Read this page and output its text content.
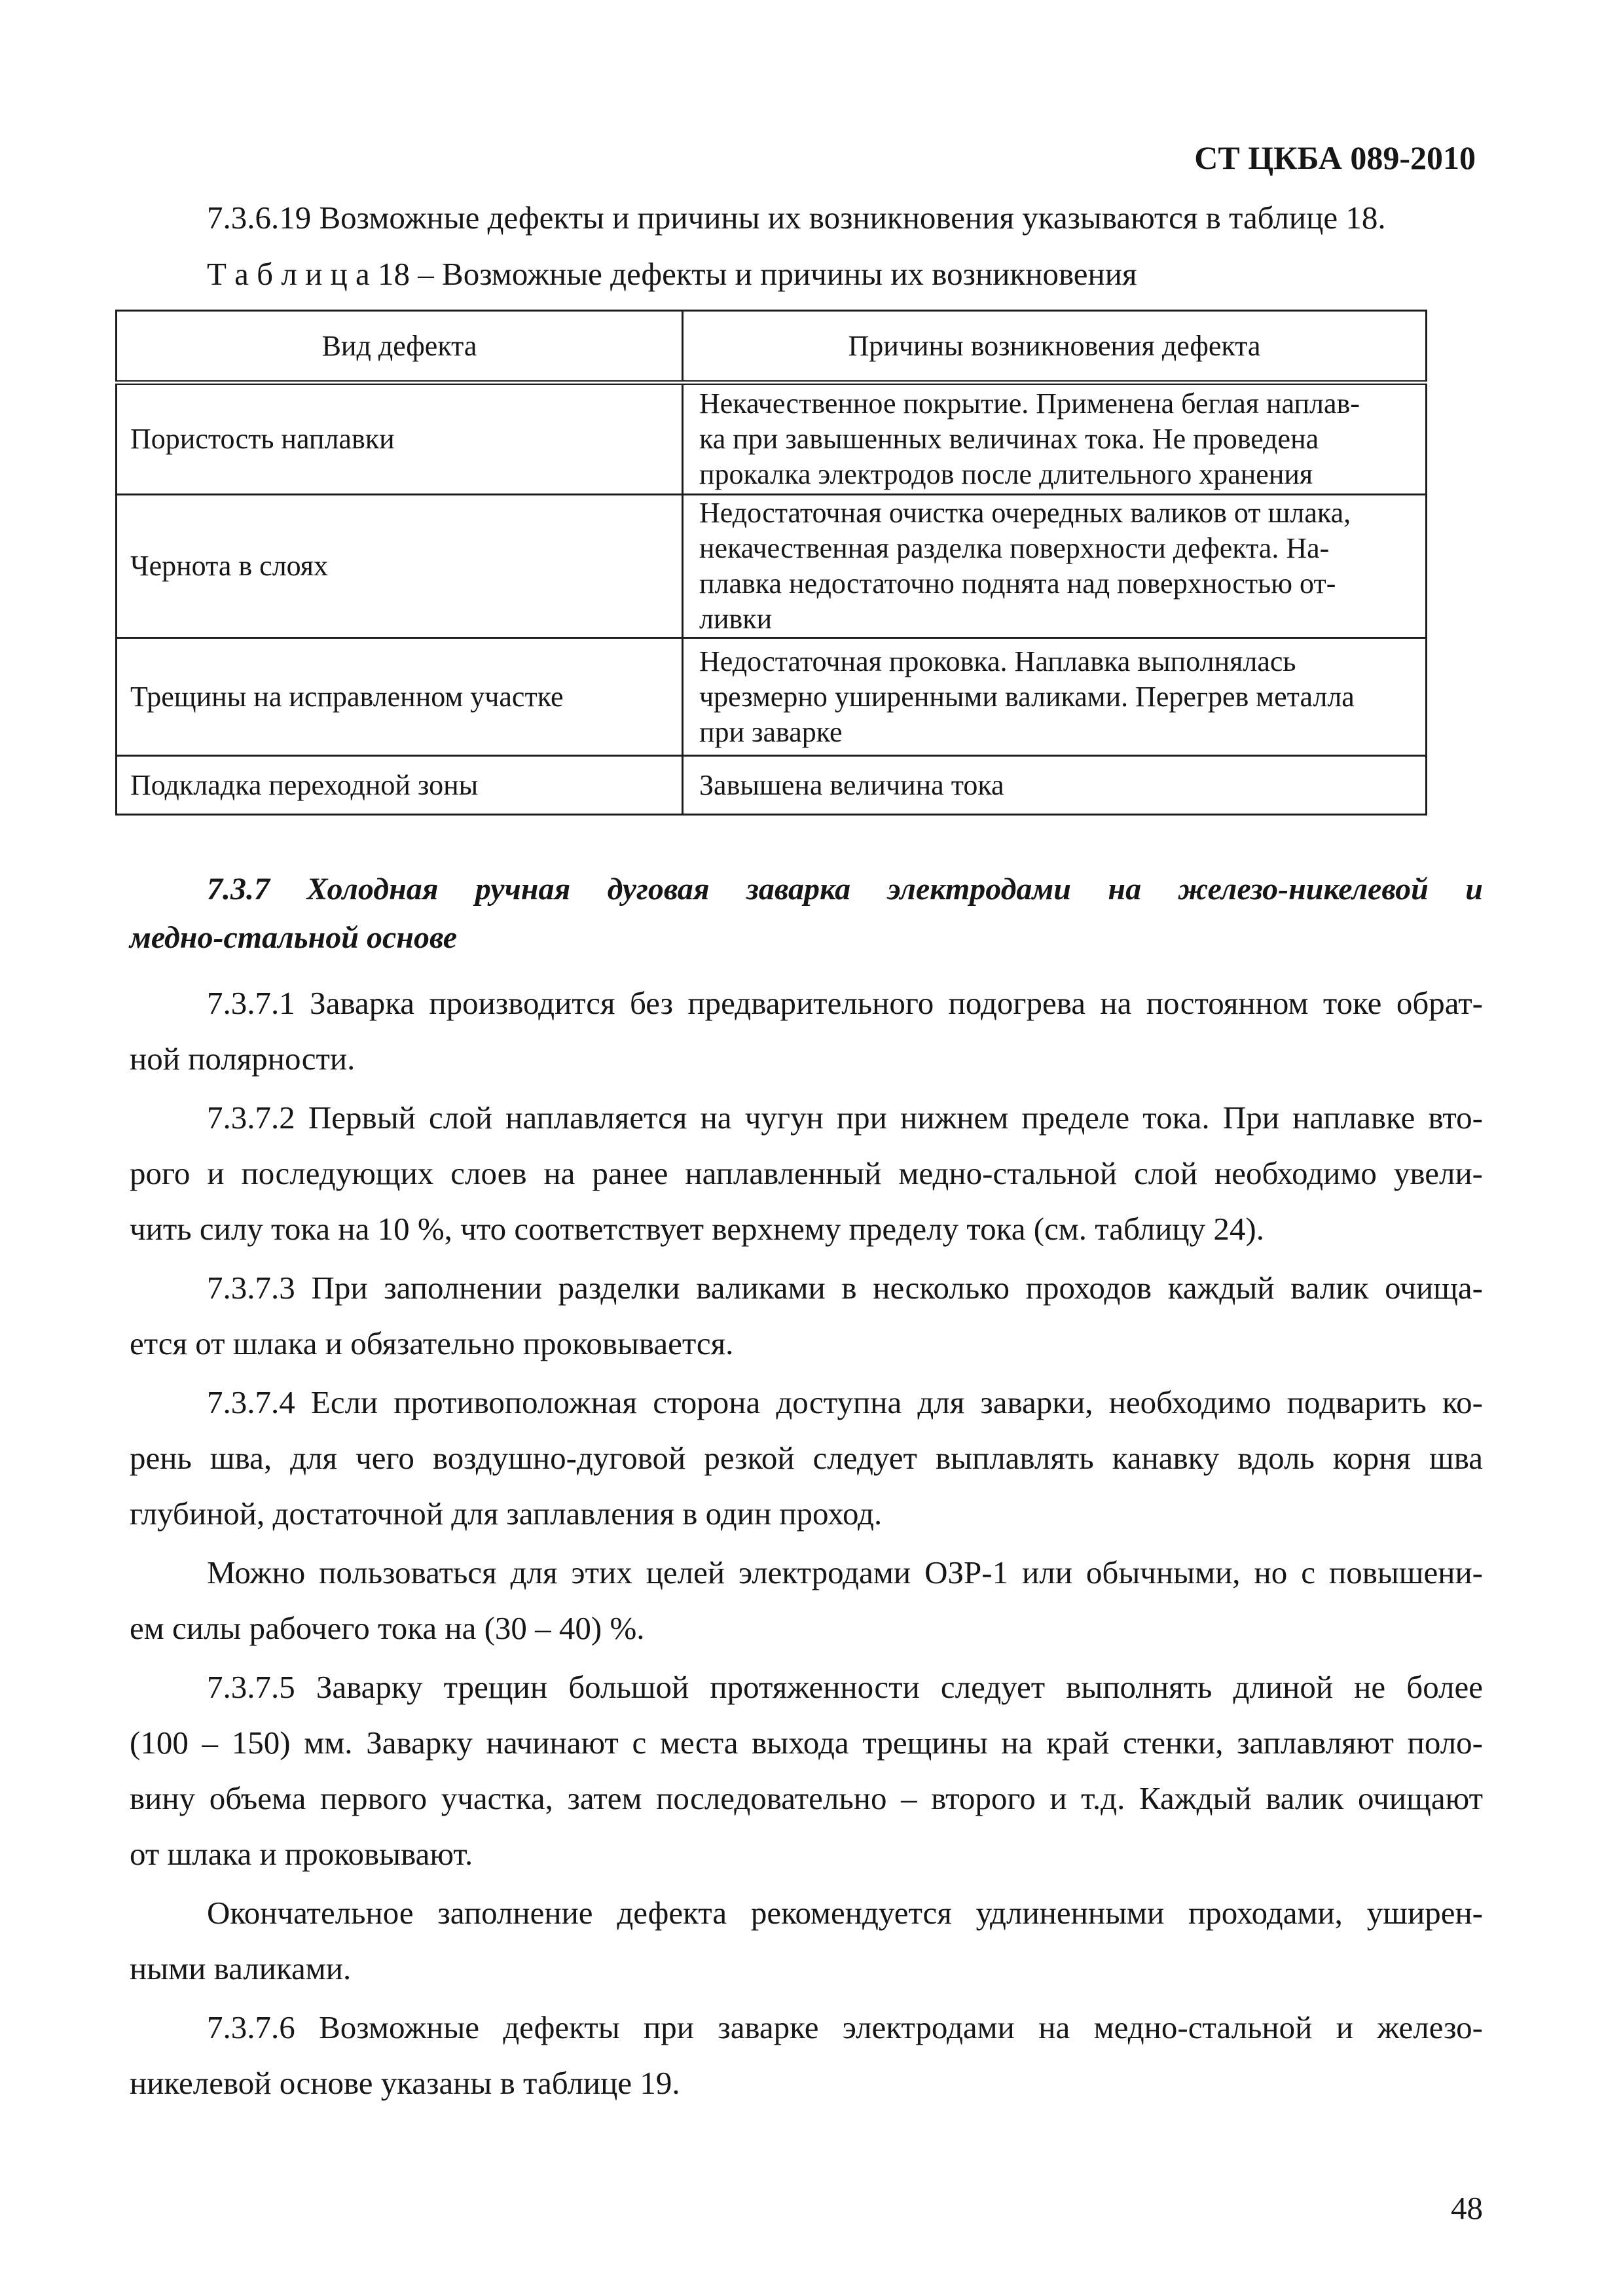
СТ ЦКБА 089-2010
7.3.6.19 Возможные дефекты и причины их возникновения указываются в таблице 18.
Т а б л и ц а 18 – Возможные дефекты и причины их возникновения
Вид дефекта	Причины возникновения дефекта
Пористость наплавки	Некачественное покрытие. Применена беглая наплав-
ка при завышенных величинах тока. Не проведена
прокалка электродов после длительного хранения

Чернота в слоях	Недостаточная очистка очередных валиков от шлака,
некачественная разделка поверхности дефекта. На-
плавка недостаточно поднята над поверхностью от-
ливки

Трещины на исправленном участке	Недостаточная проковка. Наплавка выполнялась
чрезмерно уширенными валиками. Перегрев металла
при заварке

Подкладка переходной зоны	Завышена величина тока
7.3.7 Холодная ручная дуговая заварка электродами на железо-никелевой и
медно-стальной основе
7.3.7.1 Заварка производится без предварительного подогрева на постоянном токе обрат-
ной полярности.
7.3.7.2 Первый слой наплавляется на чугун при нижнем пределе тока. При наплавке вто-
рого и последующих слоев на ранее наплавленный медно-стальной слой необходимо увели-
чить силу тока на 10 %, что соответствует верхнему пределу тока (см. таблицу 24).
7.3.7.3 При заполнении разделки валиками в несколько проходов каждый валик очища-
ется от шлака и обязательно проковывается.
7.3.7.4 Если противоположная сторона доступна для заварки, необходимо подварить ко-
рень шва, для чего воздушно-дуговой резкой следует выплавлять канавку вдоль корня шва
глубиной, достаточной для заплавления в один проход.
Можно пользоваться для этих целей электродами ОЗР-1 или обычными, но с повышени-
ем силы рабочего тока на (30 – 40) %.
7.3.7.5 Заварку трещин большой протяженности следует выполнять длиной не более
(100 – 150) мм. Заварку начинают с места выхода трещины на край стенки, заплавляют поло-
вину объема первого участка, затем последовательно – второго и т.д. Каждый валик очищают
от шлака и проковывают.
Окончательное заполнение дефекта рекомендуется удлиненными проходами, уширен-
ными валиками.
7.3.7.6 Возможные дефекты при заварке электродами на медно-стальной и железо-
никелевой основе указаны в таблице 19.
48
